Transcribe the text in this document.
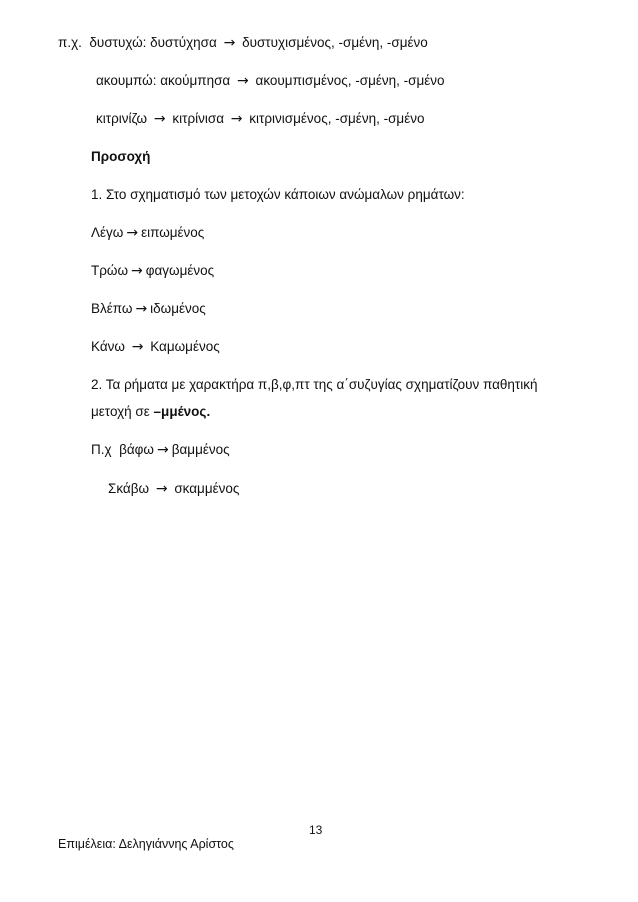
π.χ. δυστυχώ: δυστύχησα → δυστυχισμένος, -σμένη, -σμένο
ακουμπώ: ακούμπησα → ακουμπισμένος, -σμένη, -σμένο
κιτρινίζω → κιτρίνισα → κιτρινισμένος, -σμένη, -σμένο
Προσοχή
1. Στο σχηματισμό των μετοχών κάποιων ανώμαλων ρημάτων:
Λέγω → ειπωμένος
Τρώω → φαγωμένος
Βλέπω → ιδωμένος
Κάνω → Καμωμένος
2. Τα ρήματα με χαρακτήρα π,β,φ,πτ της α΄συζυγίας σχηματίζουν παθητική
μετοχή σε –μμένος.
Π.χ βάφω → βαμμένος
Σκάβω → σκαμμένος
13
Επιμέλεια: Δεληγιάννης Αρίστος
